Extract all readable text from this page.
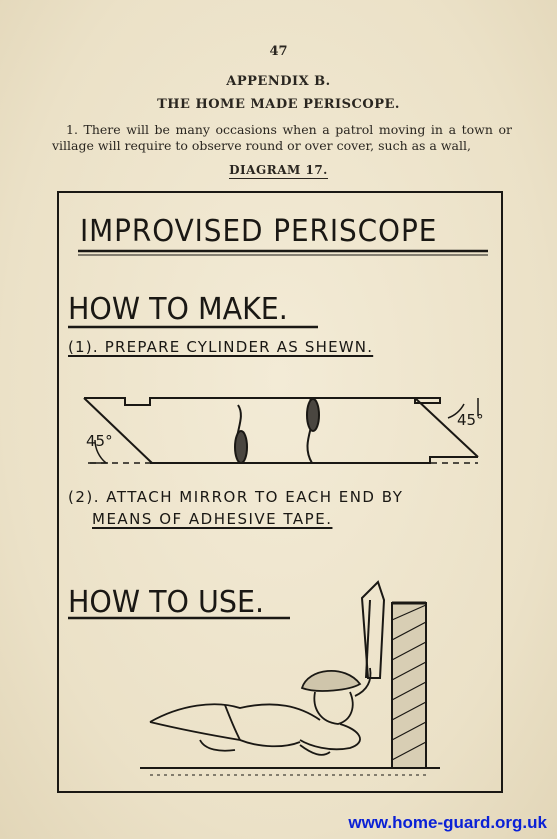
47
APPENDIX B.
THE HOME MADE PERISCOPE.
1. There will be many occasions when a patrol moving in a town or village will require to observe round or over cover, such as a wall,
DIAGRAM 17.
45°
45°
IMPROVISED PERISCOPE
HOW TO MAKE.
(1). PREPARE CYLINDER AS SHEWN.
(2). ATTACH MIRROR TO EACH END BY
MEANS OF ADHESIVE TAPE.
HOW TO USE.
www.home-guard.org.uk
